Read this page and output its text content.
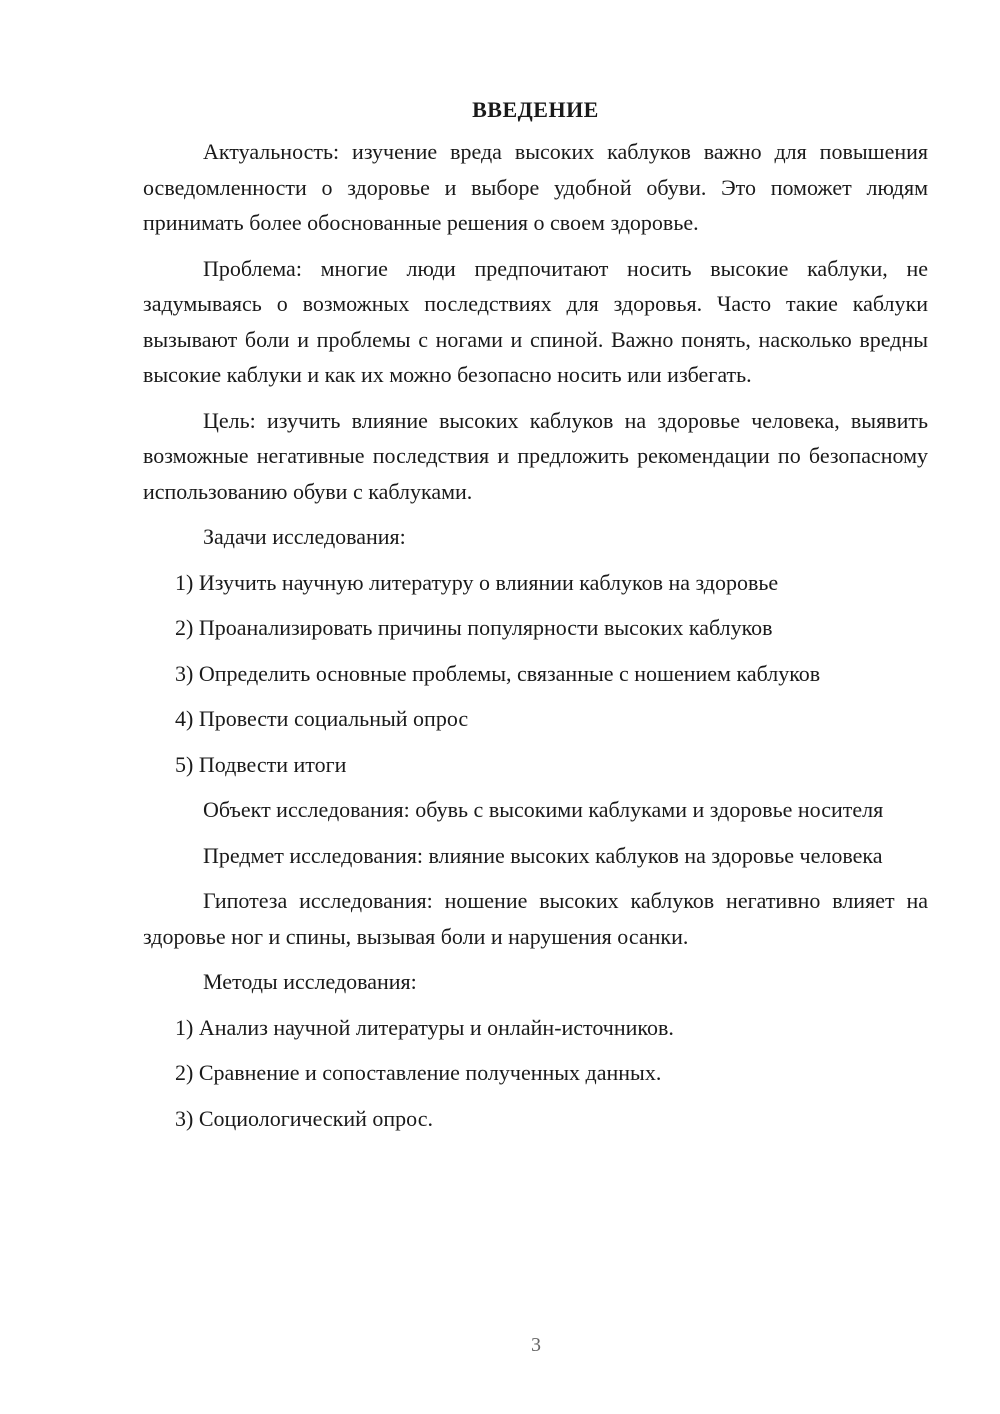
ВВЕДЕНИЕ

Актуальность: изучение вреда высоких каблуков важно для повышения осведомленности о здоровье и выборе удобной обуви. Это поможет людям принимать более обоснованные решения о своем здоровье.

Проблема: многие люди предпочитают носить высокие каблуки, не задумываясь о возможных последствиях для здоровья. Часто такие каблуки вызывают боли и проблемы с ногами и спиной. Важно понять, насколько вредны высокие каблуки и как их можно безопасно носить или избегать.

Цель: изучить влияние высоких каблуков на здоровье человека, выявить возможные негативные последствия и предложить рекомендации по безопасному использованию обуви с каблуками.

Задачи исследования:

1) Изучить научную литературу о влиянии каблуков на здоровье
2) Проанализировать причины популярности высоких каблуков
3) Определить основные проблемы, связанные с ношением каблуков
4) Провести социальный опрос
5) Подвести итоги

Объект исследования: обувь с высокими каблуками и здоровье носителя

Предмет исследования: влияние высоких каблуков на здоровье человека

Гипотеза исследования: ношение высоких каблуков негативно влияет на здоровье ног и спины, вызывая боли и нарушения осанки.

Методы исследования:

1) Анализ научной литературы и онлайн-источников.
2) Сравнение и сопоставление полученных данных.
3) Социологический опрос.
3
